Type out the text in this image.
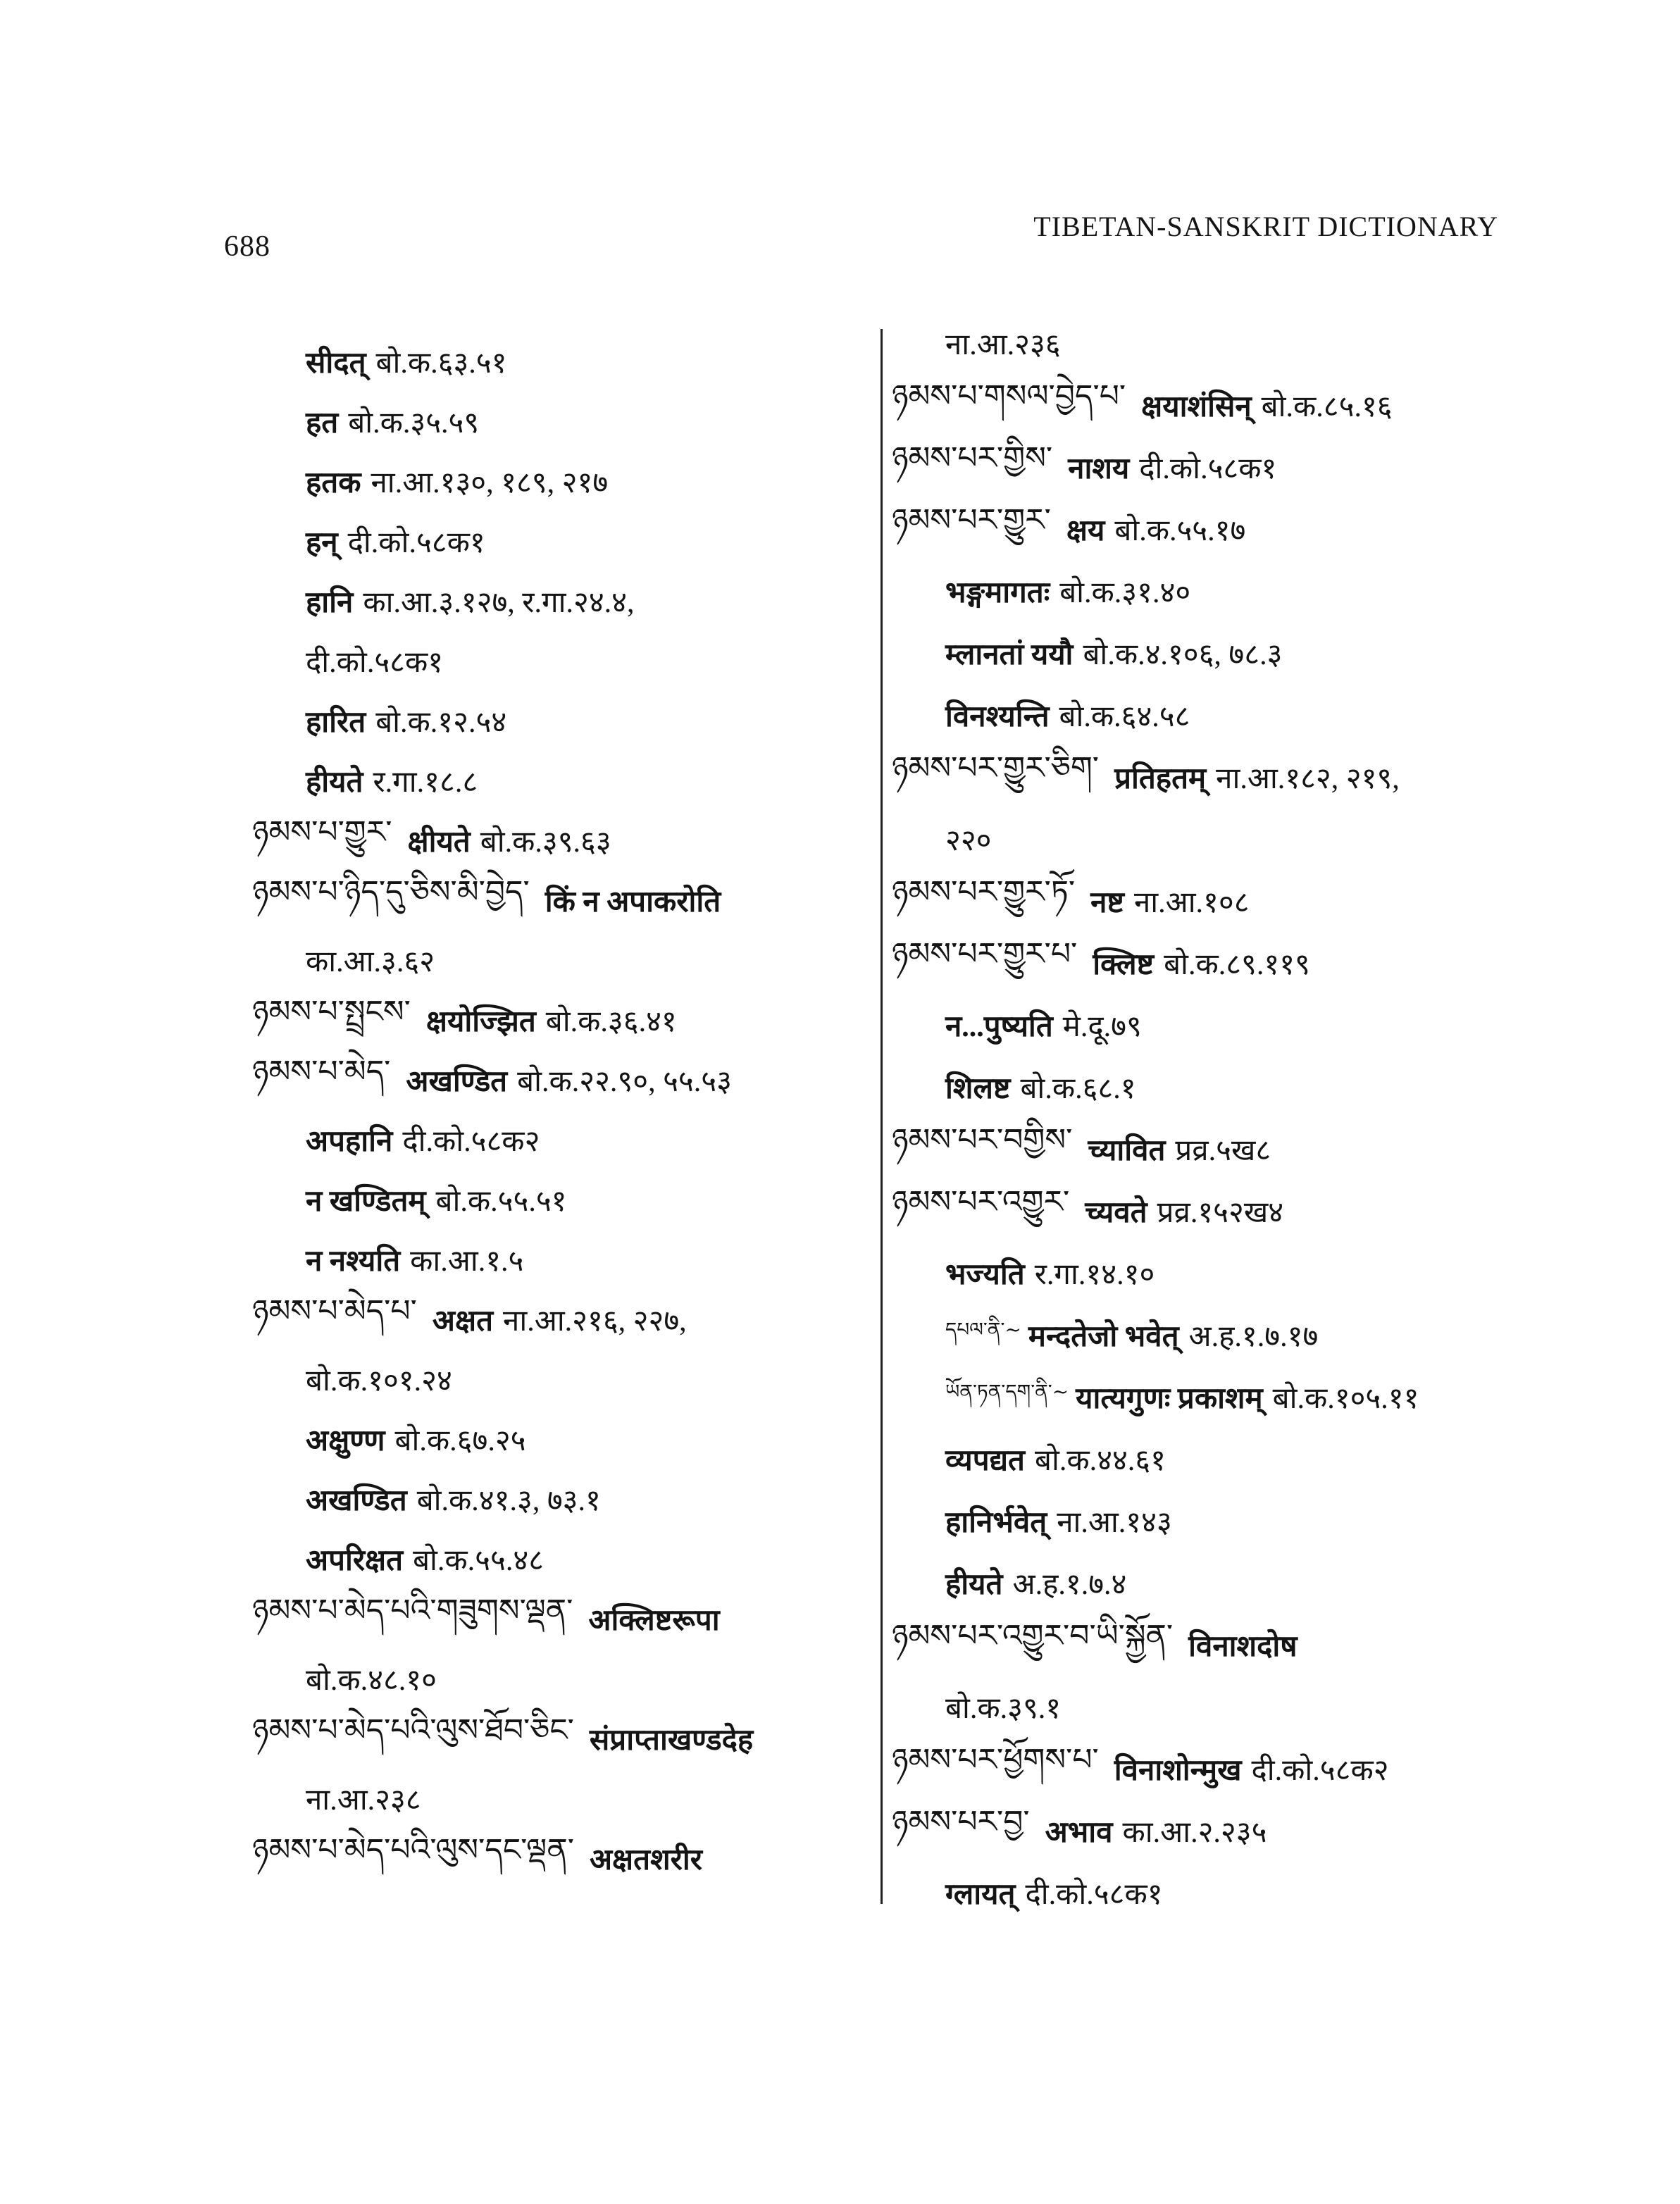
688
TIBETAN-SANSKRIT DICTIONARY
सीदत् बो.क.६३.५१
हत बो.क.३५.५९
हतक ना.आ.१३०, १८९, २१७
हन् दी.को.५८क१
हानि का.आ.३.१२७, र.गा.२४.४,
दी.को.५८क१
हारित बो.क.१२.५४
हीयते र.गा.१८.८
ཉམས་པ་གྱུར་ क्षीयते बो.क.३९.६३
ཉམས་པ་ཉིད་དུ་ཅིས་མི་བྱེད་ किं न अपाकरोति
का.आ.३.६२
ཉམས་པ་སྤྲངས་ क्षयोज्झित बो.क.३६.४१
ཉམས་པ་མེད་ अखण्डित बो.क.२२.९०, ५५.५३
अपहानि दी.को.५८क२
न खण्डितम् बो.क.५५.५१
न नश्यति का.आ.१.५
ཉམས་པ་མེད་པ་ अक्षत ना.आ.२१६, २२७,
बो.क.१०१.२४
अक्षुण्ण बो.क.६७.२५
अखण्डित बो.क.४१.३, ७३.१
अपरिक्षत बो.क.५५.४८
ཉམས་པ་མེད་པའི་གཟུགས་ལྡན་ अक्लिष्टरूपा
बो.क.४८.१०
ཉམས་པ་མེད་པའི་ལུས་ཐོབ་ཅིང་ संप्राप्ताखण्डदेह
ना.आ.२३८
ཉམས་པ་མེད་པའི་ལུས་དང་ལྡན་ अक्षतशरीर
ना.आ.२३६
ཉམས་པ་གསལ་བྱེད་པ་ क्षयाशंसिन् बो.क.८५.१६
ཉམས་པར་གྱིས་ नाशय दी.को.५८क१
ཉམས་པར་གྱུར་ क्षय बो.क.५५.१७
भङ्गमागतः बो.क.३१.४०
म्लानतां ययौ बो.क.४.१०६, ७८.३
विनश्यन्ति बो.क.६४.५८
ཉམས་པར་གྱུར་ཅིག་ प्रतिहतम् ना.आ.१८२, २१९,
२२०
ཉམས་པར་གྱུར་ཏོ་ नष्ट ना.आ.१०८
ཉམས་པར་གྱུར་པ་ क्लिष्ट बो.क.८९.११९
न...पुष्यति मे.दू.७९
शिलष्ट बो.क.६८.१
ཉམས་པར་བགྱིས་ च्यावित प्रव्र.५ख८
ཉམས་པར་འགྱུར་ च्यवते प्रव्र.१५२ख४
भज्यति र.गा.१४.१०
དཔལ་ནི་~ मन्दतेजो भवेत् अ.ह.१.७.१७
ཡོན་ཏན་དག་ནི་~ यात्यगुणः प्रकाशम् बो.क.१०५.११
व्यपद्यत बो.क.४४.६१
हानिर्भवेत् ना.आ.१४३
हीयते अ.ह.१.७.४
ཉམས་པར་འགྱུར་བ་ཡི་སྐྱོན་ विनाशदोष
बो.क.३९.१
ཉམས་པར་ཕྱོགས་པ་ विनाशोन्मुख दी.को.५८क२
ཉམས་པར་བྱ་ अभाव का.आ.२.२३५
ग्लायत् दी.को.५८क१
